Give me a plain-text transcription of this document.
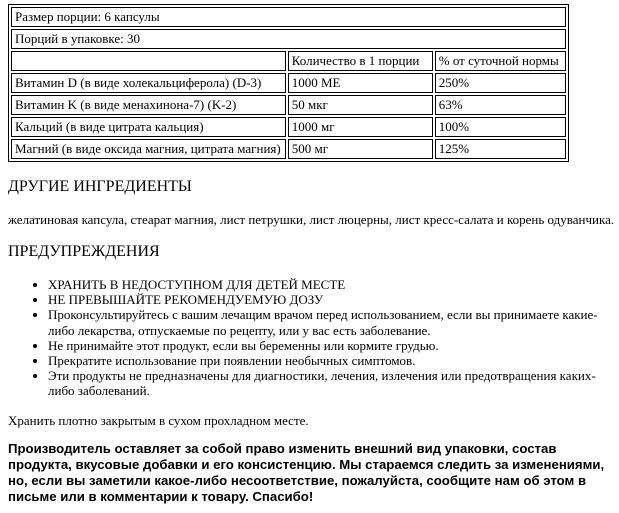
Размер порции: 6 капсулы		
Порций в упаковке: 30		
	Количество в 1 порции	% от суточной нормы
Витамин D (в виде холекальциферола) (D-3)	1000 МЕ	250%
Витамин K (в виде менахинона-7) (K-2)	50 мкг	63%
Кальций (в виде цитрата кальция)	1000 мг	100%
Магний (в виде оксида магния, цитрата магния)	500 мг	125%
ДРУГИЕ ИНГРЕДИЕНТЫ

желатиновая капсула, стеарат магния, лист петрушки, лист люцерны, лист кресс-салата и корень одуванчика.

ПРЕДУПРЕЖДЕНИЯ
• ХРАНИТЬ В НЕДОСТУПНОМ ДЛЯ ДЕТЕЙ МЕСТЕ
• НЕ ПРЕВЫШАЙТЕ РЕКОМЕНДУЕМУЮ ДОЗУ
• Проконсультируйтесь с вашим лечащим врачом перед использованием, если вы принимаете какие-либо лекарства, отпускаемые по рецепту, или у вас есть заболевание.
• Не принимайте этот продукт, если вы беременны или кормите грудью.
• Прекратите использование при появлении необычных симптомов.
• Эти продукты не предназначены для диагностики, лечения, излечения или предотвращения каких-либо заболеваний.

Хранить плотно закрытым в сухом прохладном месте.

Производитель оставляет за собой право изменить внешний вид упаковки, состав продукта, вкусовые добавки и его консистенцию. Мы стараемся следить за изменениями, но, если вы заметили какое-либо несоответствие, пожалуйста, сообщите нам об этом в письме или в комментарии к товару. Спасибо!
